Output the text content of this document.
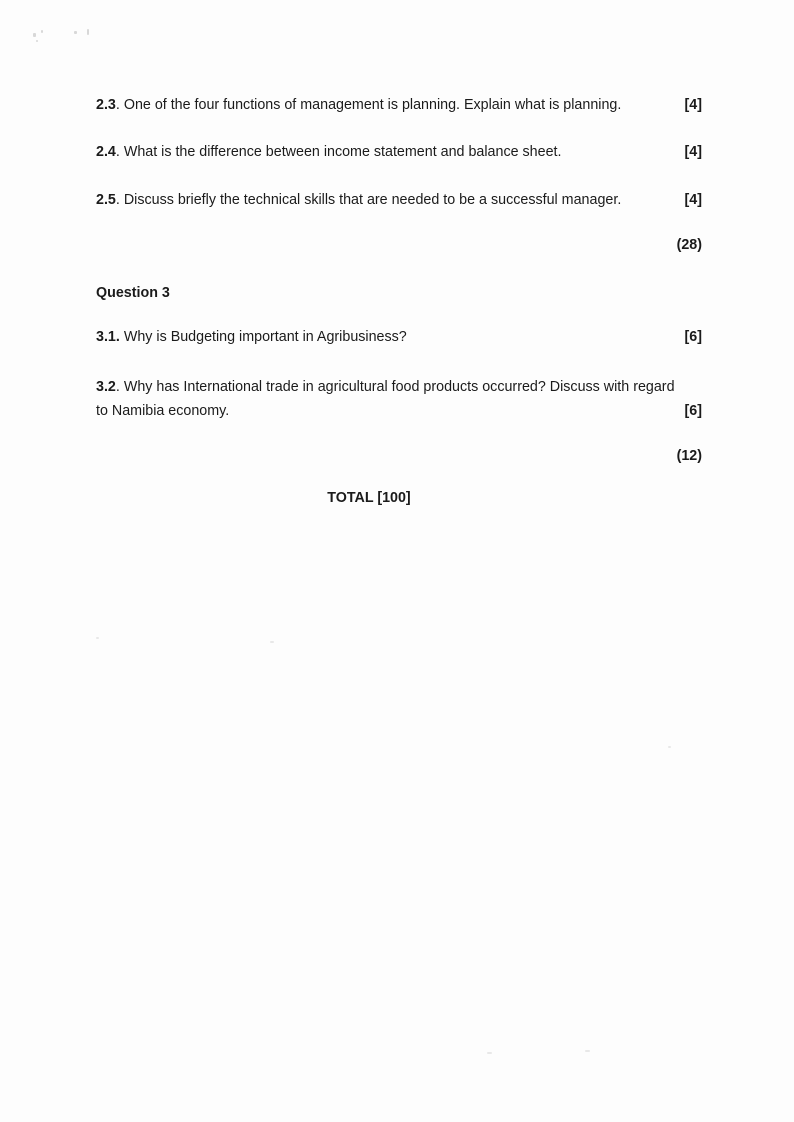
2.3. One of the four functions of management is planning. Explain what is planning.	[4]
2.4. What is the difference between income statement and balance sheet.	[4]
2.5. Discuss briefly the technical skills that are needed to be a successful manager.	[4]
(28)
Question 3
3.1. Why is Budgeting important in Agribusiness?	[6]
3.2. Why has International trade in agricultural food products occurred? Discuss with regard
to Namibia economy.	[6]
(12)
TOTAL [100]
